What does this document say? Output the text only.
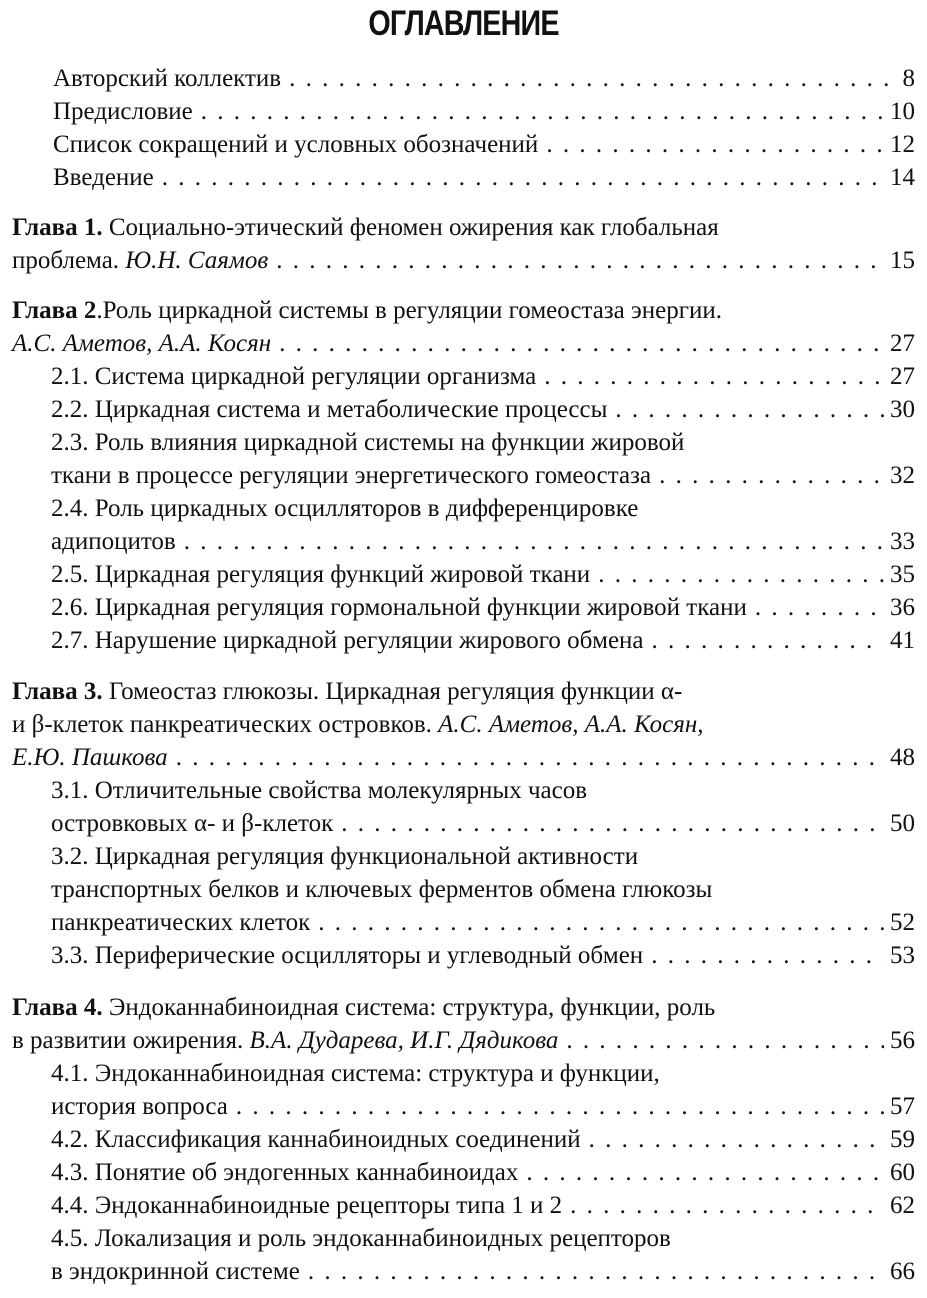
ОГЛАВЛЕНИЕ
Авторский коллектив . . .	8
Предисловие . . .	10
Список сокращений и условных обозначений . . .	12
Введение . . .	14
Глава 1. Социально-этический феномен ожирения как глобальная
проблема. Ю.Н. Саямов . . .	15
Глава 2.Роль циркадной системы в регуляции гомеостаза энергии.
А.С. Аметов, А.А. Косян . . .	27
2.1. Система циркадной регуляции организма . . .	27
2.2. Циркадная система и метаболические процессы . . .	30
2.3. Роль влияния циркадной системы на функции жировой
ткани в процессе регуляции энергетического гомеостаза . . .	32
2.4. Роль циркадных осцилляторов в дифференцировке
адипоцитов . . .	33
2.5. Циркадная регуляция функций жировой ткани . . .	35
2.6. Циркадная регуляция гормональной функции жировой ткани . . .	36
2.7. Нарушение циркадной регуляции жирового обмена . . .	41
Глава 3. Гомеостаз глюкозы. Циркадная регуляция функции α-
и β-клеток панкреатических островков. А.С. Аметов, А.А. Косян,
Е.Ю. Пашкова . . .	48
3.1. Отличительные свойства молекулярных часов
островковых α- и β-клеток . . .	50
3.2. Циркадная регуляция функциональной активности
транспортных белков и ключевых ферментов обмена глюкозы
панкреатических клеток . . .	52
3.3. Периферические осцилляторы и углеводный обмен . . .	53
Глава 4. Эндоканнабиноидная система: структура, функции, роль
в развитии ожирения. В.А. Дударева, И.Г. Дядикова . . .	56
4.1. Эндоканнабиноидная система: структура и функции,
история вопроса . . .	57
4.2. Классификация каннабиноидных соединений . . .	59
4.3. Понятие об эндогенных каннабиноидах . . .	60
4.4. Эндоканнабиноидные рецепторы типа 1 и 2 . . .	62
4.5. Локализация и роль эндоканнабиноидных рецепторов
в эндокринной системе . . .	66
